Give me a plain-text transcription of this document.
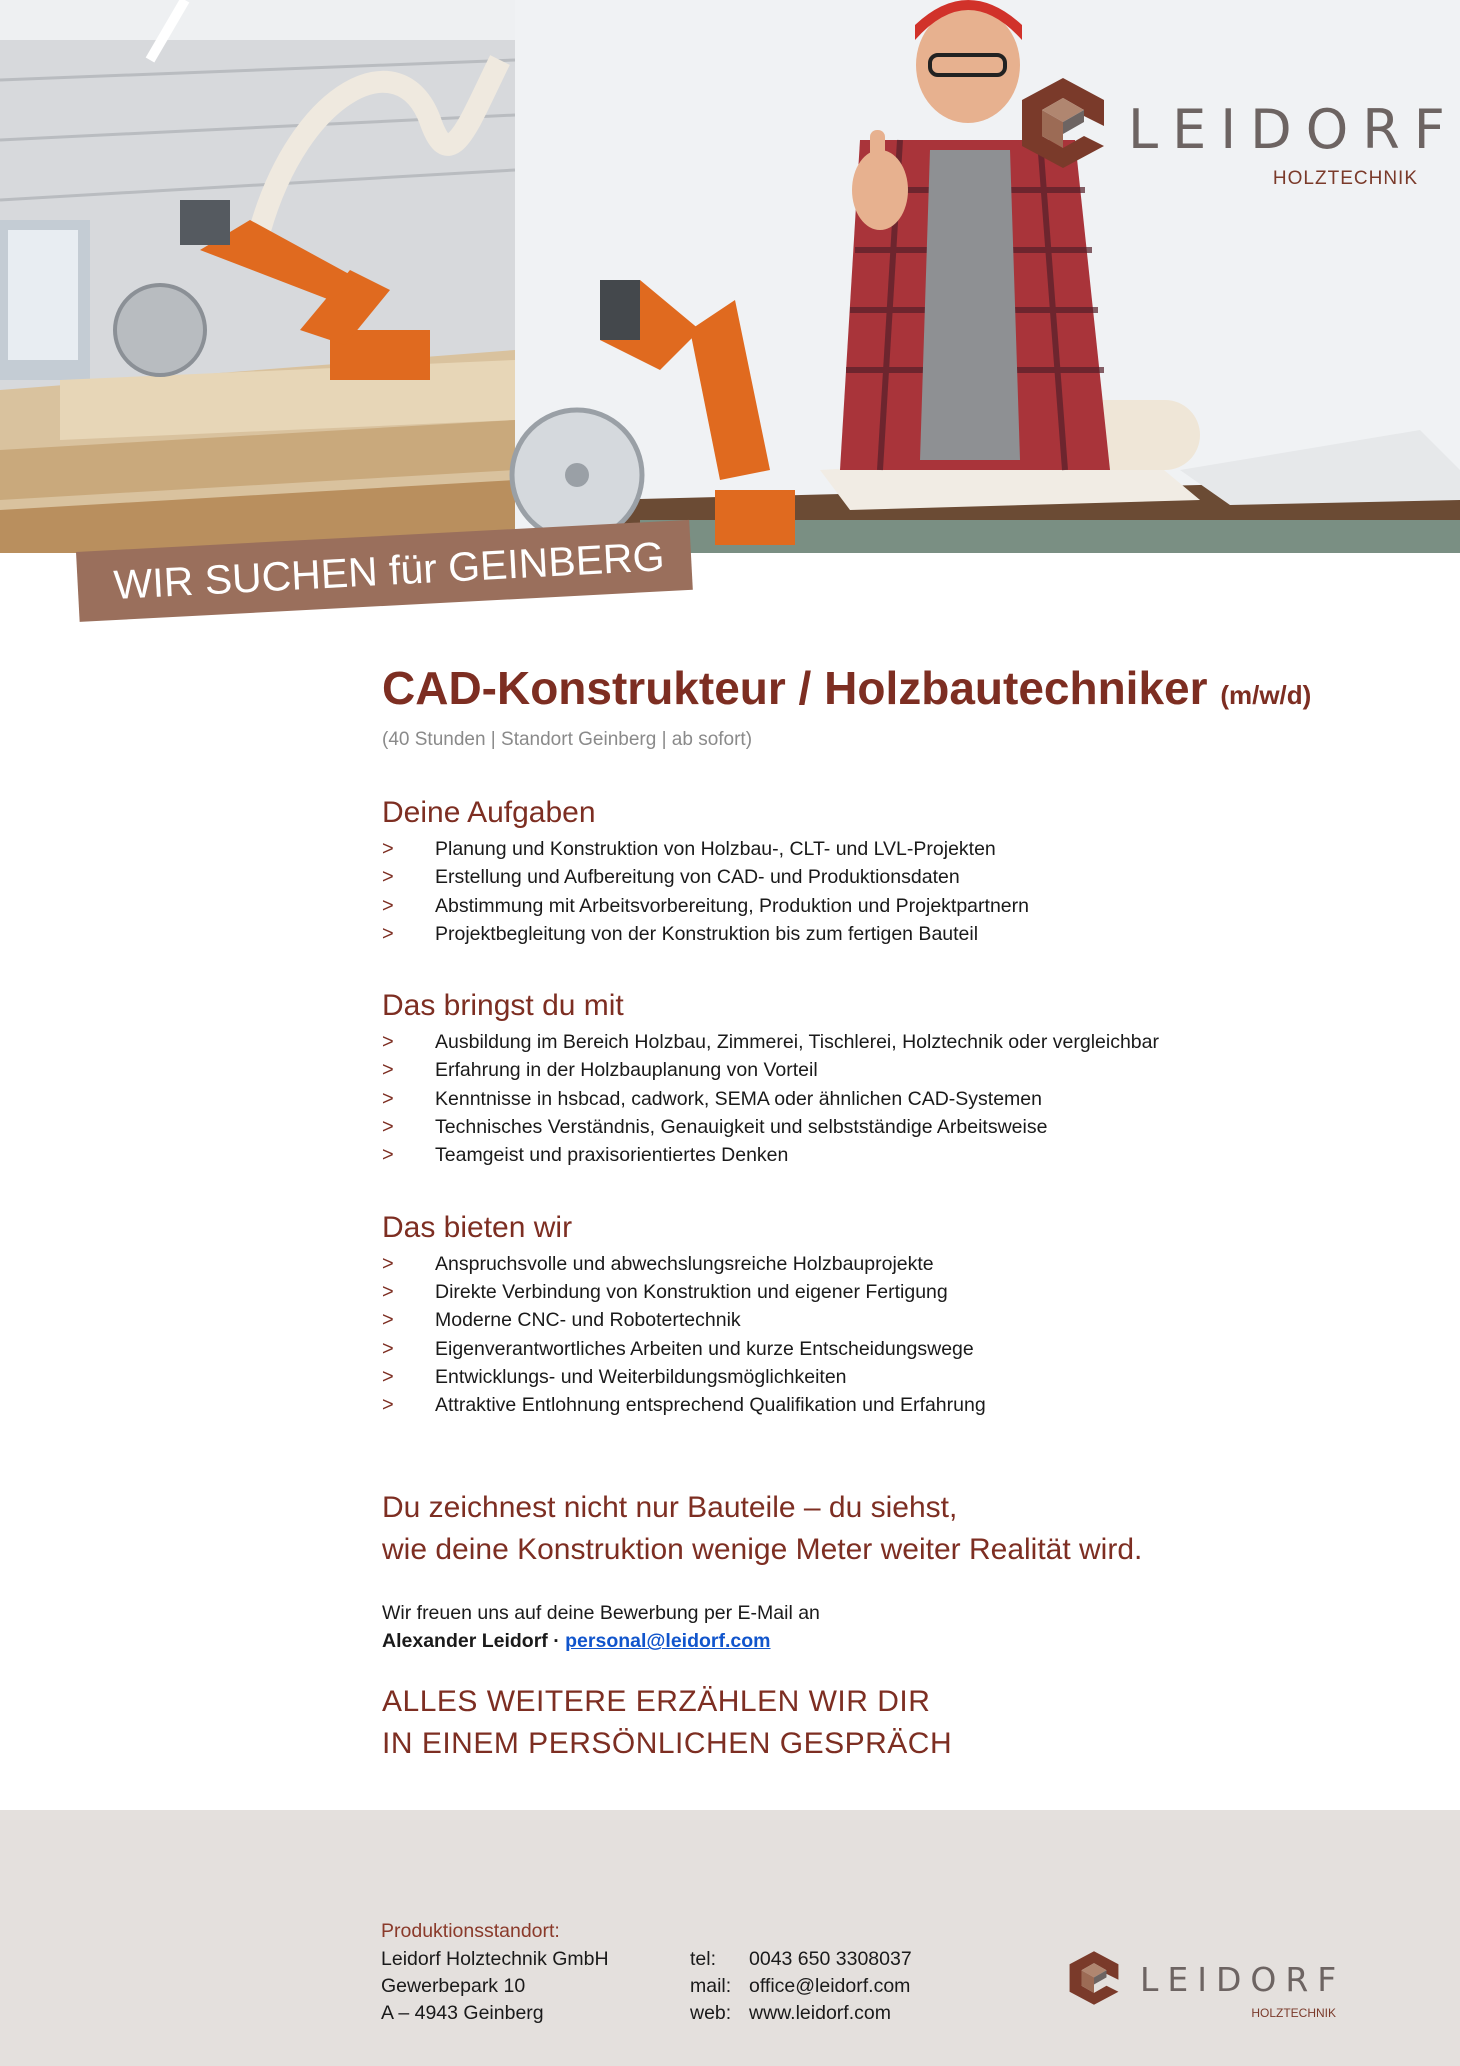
LEIDORF
HOLZTECHNIK
WIR SUCHEN für GEINBERG
CAD-Konstrukteur / Holzbautechniker (m/w/d)
(40 Stunden | Standort Geinberg | ab sofort)
Deine Aufgaben
> Planung und Konstruktion von Holzbau-, CLT- und LVL-Projekten
> Erstellung und Aufbereitung von CAD- und Produktionsdaten
> Abstimmung mit Arbeitsvorbereitung, Produktion und Projektpartnern
> Projektbegleitung von der Konstruktion bis zum fertigen Bauteil
Das bringst du mit
> Ausbildung im Bereich Holzbau, Zimmerei, Tischlerei, Holztechnik oder vergleichbar
> Erfahrung in der Holzbauplanung von Vorteil
> Kenntnisse in hsbcad, cadwork, SEMA oder ähnlichen CAD-Systemen
> Technisches Verständnis, Genauigkeit und selbstständige Arbeitsweise
> Teamgeist und praxisorientiertes Denken
Das bieten wir
> Anspruchsvolle und abwechslungsreiche Holzbauprojekte
> Direkte Verbindung von Konstruktion und eigener Fertigung
> Moderne CNC- und Robotertechnik
> Eigenverantwortliches Arbeiten und kurze Entscheidungswege
> Entwicklungs- und Weiterbildungsmöglichkeiten
> Attraktive Entlohnung entsprechend Qualifikation und Erfahrung
Du zeichnest nicht nur Bauteile – du siehst,
wie deine Konstruktion wenige Meter weiter Realität wird.
Wir freuen uns auf deine Bewerbung per E-Mail an
Alexander Leidorf · personal@leidorf.com
ALLES WEITERE ERZÄHLEN WIR DIR
IN EINEM PERSÖNLICHEN GESPRÄCH
Produktionsstandort:
Leidorf Holztechnik GmbH
Gewerbepark 10
A – 4943 Geinberg
tel:	0043 650 3308037
mail: office@leidorf.com
web: www.leidorf.com
LEIDORF
HOLZTECHNIK
